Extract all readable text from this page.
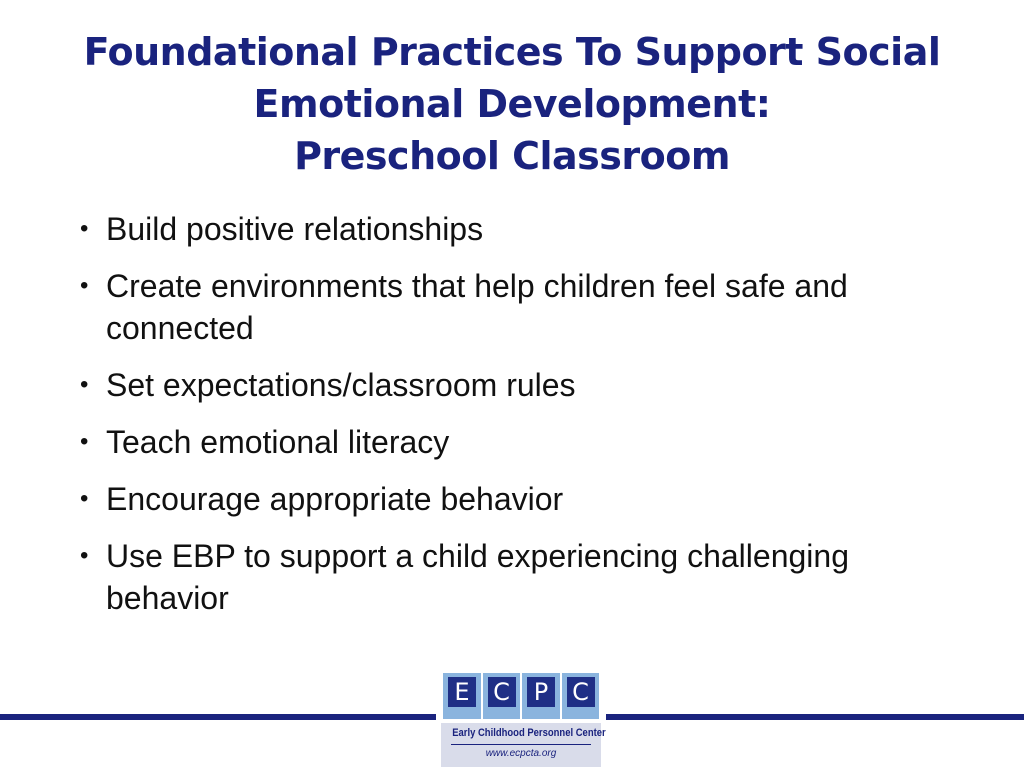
Foundational Practices To Support Social
Emotional Development:
Preschool Classroom
• Build positive relationships
• Create environments that help children feel safe and connected
• Set expectations/classroom rules
• Teach emotional literacy
• Encourage appropriate behavior
• Use EBP to support a child experiencing challenging behavior
E C P C
Early Childhood Personnel Center
www.ecpcta.org
